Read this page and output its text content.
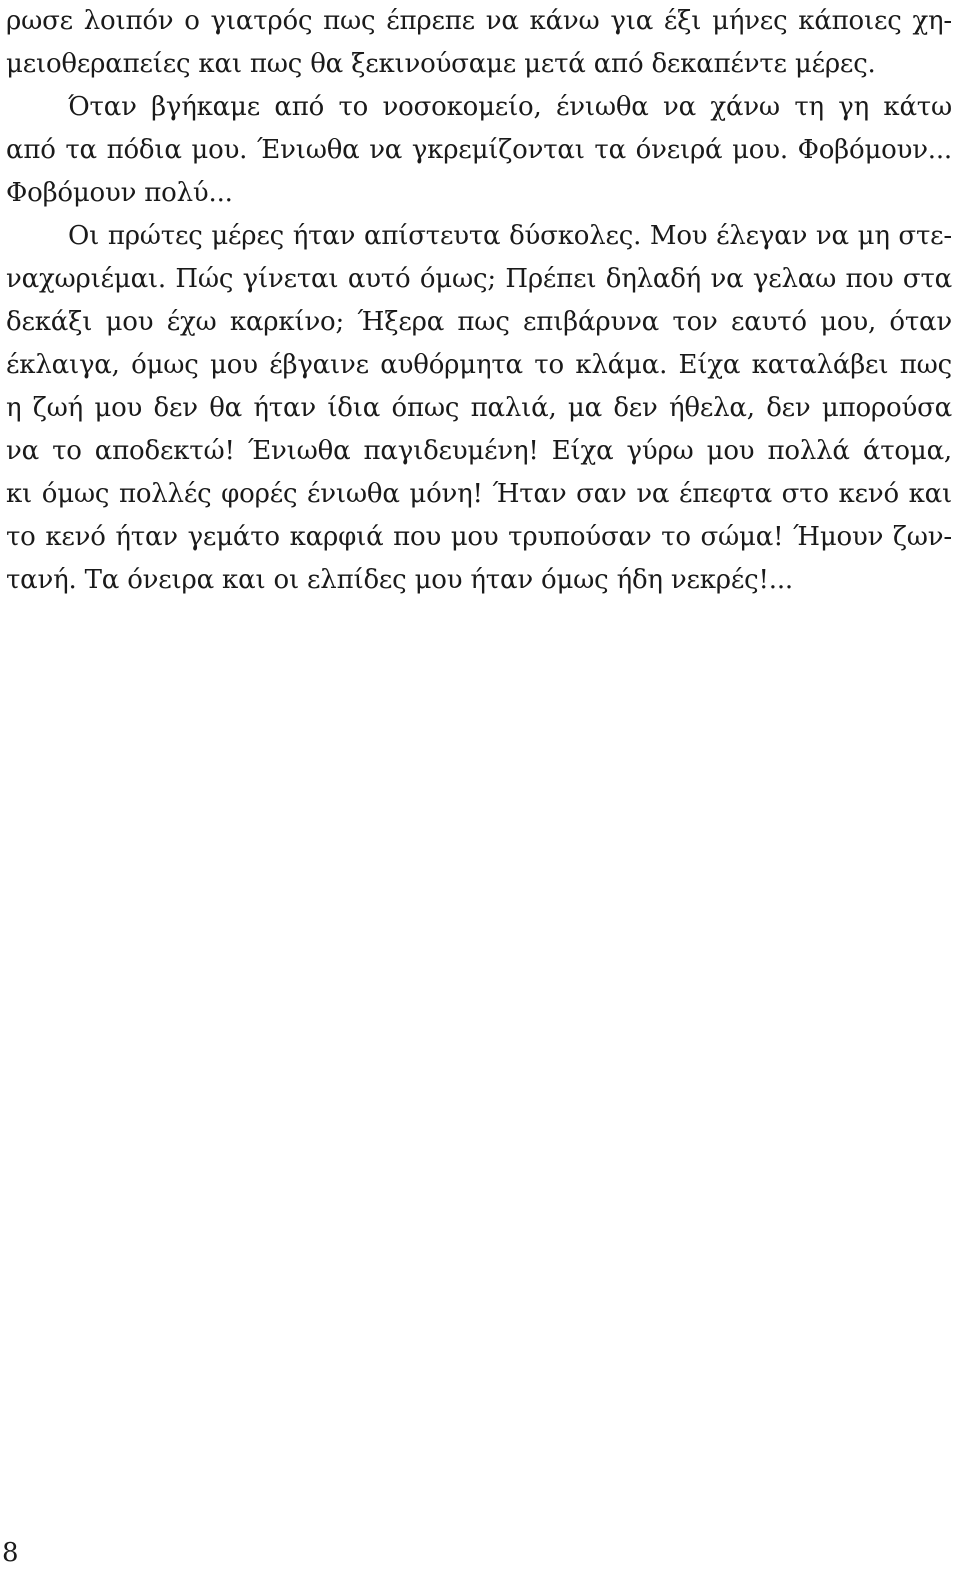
ρωσε λοιπόν ο γιατρός πως έπρεπε να κάνω για έξι μήνες κάποιες χη-
μειοθεραπείες και πως θα ξεκινούσαμε μετά από δεκαπέντε μέρες.
Όταν βγήκαμε από το νοσοκομείο, ένιωθα να χάνω τη γη κάτω
από τα πόδια μου. Ένιωθα να γκρεμίζονται τα όνειρά μου. Φοβόμουν...
Φοβόμουν πολύ...
Οι πρώτες μέρες ήταν απίστευτα δύσκολες. Μου έλεγαν να μη στε-
ναχωριέμαι. Πώς γίνεται αυτό όμως; Πρέπει δηλαδή να γελαω που στα
δεκάξι μου έχω καρκίνο; Ήξερα πως επιβάρυνα τον εαυτό μου, όταν
έκλαιγα, όμως μου έβγαινε αυθόρμητα το κλάμα. Είχα καταλάβει πως
η ζωή μου δεν θα ήταν ίδια όπως παλιά, μα δεν ήθελα, δεν μπορούσα
να το αποδεκτώ! Ένιωθα παγιδευμένη! Είχα γύρω μου πολλά άτομα,
κι όμως πολλές φορές ένιωθα μόνη! Ήταν σαν να έπεφτα στο κενό και
το κενό ήταν γεμάτο καρφιά που μου τρυπούσαν το σώμα! Ήμουν ζων-
τανή. Τα όνειρα και οι ελπίδες μου ήταν όμως ήδη νεκρές!...
8
